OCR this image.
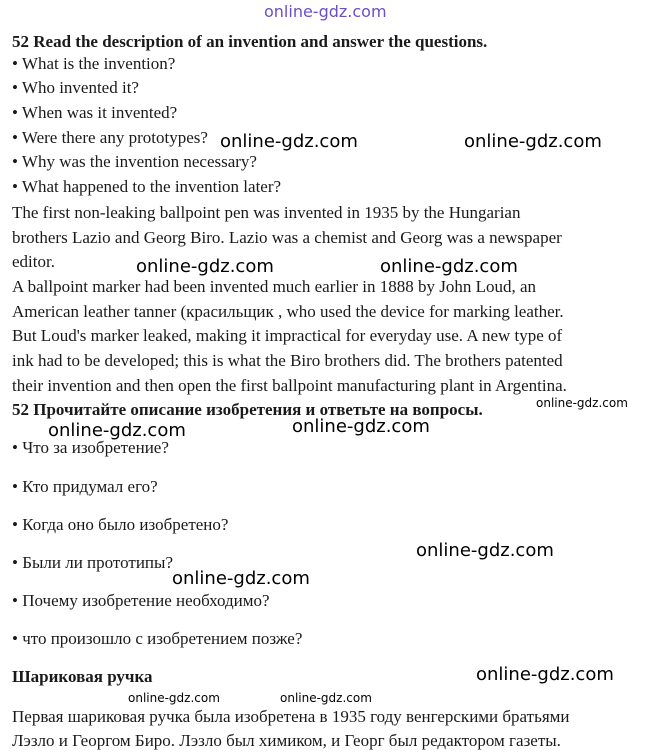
online-gdz.com
52 Read the description of an invention and answer the questions.
• What is the invention?
• Who invented it?
• When was it invented?
• Were there any prototypes?
• Why was the invention necessary?
• What happened to the invention later?
The first non-leaking ballpoint pen was invented in 1935 by the Hungarian
brothers Lazio and Georg Biro. Lazio was a chemist and Georg was a newspaper
editor.
A ballpoint marker had been invented much earlier in 1888 by John Loud, an
American leather tanner (красильщик , who used the device for marking leather.
But Loud's marker leaked, making it impractical for everyday use. A new type of
ink had to be developed; this is what the Biro brothers did. The brothers patented
their invention and then open the first ballpoint manufacturing plant in Argentina.
52 Прочитайте описание изобретения и ответьте на вопросы.
• Что за изобретение?
• Кто придумал его?
• Когда оно было изобретено?
• Были ли прототипы?
• Почему изобретение необходимо?
• что произошло с изобретением позже?
Шариковая ручка
Первая шариковая ручка была изобретена в 1935 году венгерскими братьями
Лэзло и Георгом Биро. Лэзло был химиком, и Георг был редактором газеты.
online-gdz.com	online-gdz.com
online-gdz.com	online-gdz.com
online-gdz.com
online-gdz.com	online-gdz.com
online-gdz.com
online-gdz.com
online-gdz.com
online-gdz.com	online-gdz.com
